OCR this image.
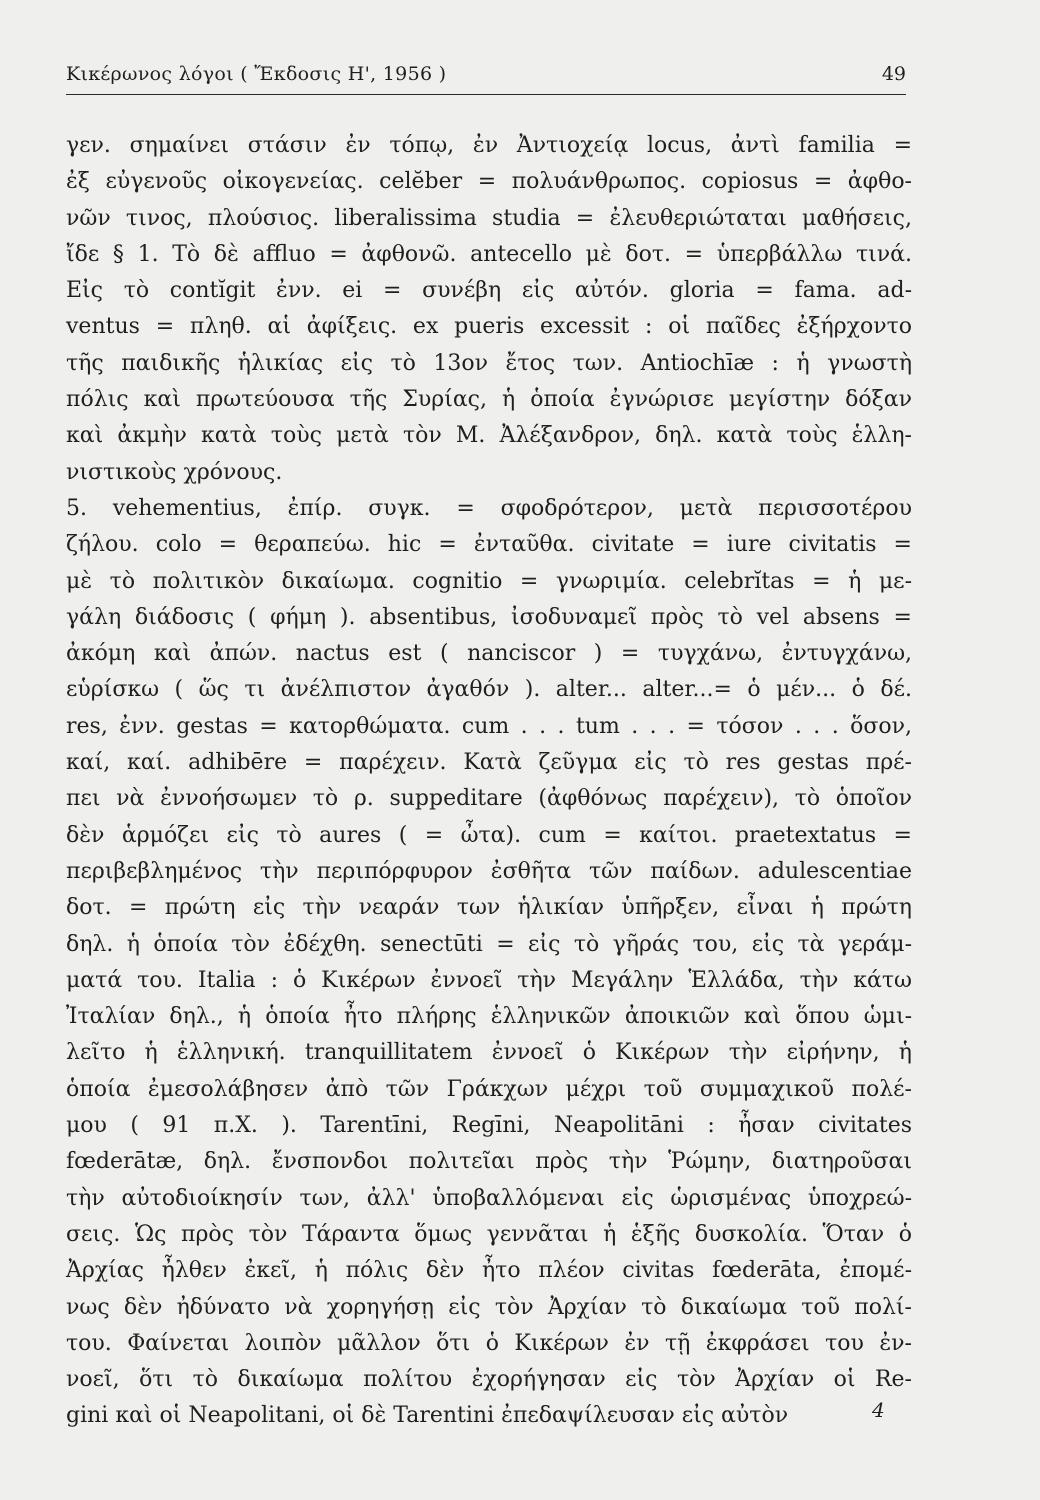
Κικέρωνος λόγοι ( Ἔκδοσις Η', 1956 )	49
γεν. σημαίνει στάσιν ἐν τόπῳ, ἐν Ἀντιοχείᾳ locus, ἀντὶ familia =
ἐξ εὐγενοῦς οἰκογενείας. celĕber = πολυάνθρωπος. copiosus = ἀφθο-
νῶν τινος, πλούσιος. liberalissima studia = ἐλευθεριώταται μαθήσεις,
ἴδε § 1. Τὸ δὲ affluo = ἀφθονῶ. antecello μὲ δοτ. = ὑπερβάλλω τινά.
Εἰς τὸ contĭgit ἐνν. ei = συνέβη εἰς αὐτόν. gloria = fama. ad-
ventus = πληθ. αἱ ἀφίξεις. ex pueris excessit : οἱ παῖδες ἐξήρχοντο
τῆς παιδικῆς ἡλικίας εἰς τὸ 13ον ἔτος των. Antiochīæ : ἡ γνωστὴ
πόλις καὶ πρωτεύουσα τῆς Συρίας, ἡ ὁποία ἐγνώρισε μεγίστην δόξαν
καὶ ἀκμὴν κατὰ τοὺς μετὰ τὸν Μ. Ἀλέξανδρον, δηλ. κατὰ τοὺς ἑλλη-
νιστικοὺς χρόνους.
5. vehementius, ἐπίρ. συγκ. = σφοδρότερον, μετὰ περισσοτέρου
ζήλου. colo = θεραπεύω. hic = ἐνταῦθα. civitate = iure civitatis =
μὲ τὸ πολιτικὸν δικαίωμα. cognitio = γνωριμία. celebrĭtas = ἡ με-
γάλη διάδοσις ( φήμη ). absentibus, ἰσοδυναμεῖ πρὸς τὸ vel absens =
ἀκόμη καὶ ἀπών. nactus est ( nanciscor ) = τυγχάνω, ἐντυγχάνω,
εὑρίσκω ( ὥς τι ἀνέλπιστον ἀγαθόν ). alter... alter...= ὁ μέν... ὁ δέ.
res, ἐνν. gestas = κατορθώματα. cum . . . tum . . . = τόσον . . . ὅσον,
καί, καί. adhibēre = παρέχειν. Κατὰ ζεῦγμα εἰς τὸ res gestas πρέ-
πει νὰ ἐννοήσωμεν τὸ ρ. suppeditare (ἀφθόνως παρέχειν), τὸ ὁποῖον
δὲν ἁρμόζει εἰς τὸ aures ( = ὦτα). cum = καίτοι. praetextatus =
περιβεβλημένος τὴν περιπόρφυρον ἐσθῆτα τῶν παίδων. adulescentiae
δοτ. = πρώτη εἰς τὴν νεαράν των ἡλικίαν ὑπῆρξεν, εἶναι ἡ πρώτη
δηλ. ἡ ὁποία τὸν ἐδέχθη. senectūti = εἰς τὸ γῆράς του, εἰς τὰ γεράμ-
ματά του. Italia : ὁ Κικέρων ἐννοεῖ τὴν Μεγάλην Ἑλλάδα, τὴν κάτω
Ἰταλίαν δηλ., ἡ ὁποία ἦτο πλήρης ἑλληνικῶν ἀποικιῶν καὶ ὅπου ὡμι-
λεῖτο ἡ ἑλληνική. tranquillitatem ἐννοεῖ ὁ Κικέρων τὴν εἰρήνην, ἡ
ὁποία ἐμεσολάβησεν ἀπὸ τῶν Γράκχων μέχρι τοῦ συμμαχικοῦ πολέ-
μου ( 91 π.Χ. ). Tarentīni, Regīni, Neapolitāni : ἦσαν civitates
fœderātæ, δηλ. ἔνσπονδοι πολιτεῖαι πρὸς τὴν Ῥώμην, διατηροῦσαι
τὴν αὐτοδιοίκησίν των, ἀλλ' ὑποβαλλόμεναι εἰς ὡρισμένας ὑποχρεώ-
σεις. Ὡς πρὸς τὸν Τάραντα ὅμως γεννᾶται ἡ ἑξῆς δυσκολία. Ὅταν ὁ
Ἀρχίας ἦλθεν ἐκεῖ, ἡ πόλις δὲν ἦτο πλέον civitas fœderāta, ἐπομέ-
νως δὲν ἠδύνατο νὰ χορηγήσῃ εἰς τὸν Ἀρχίαν τὸ δικαίωμα τοῦ πολί-
του. Φαίνεται λοιπὸν μᾶλλον ὅτι ὁ Κικέρων ἐν τῇ ἐκφράσει του ἐν-
νοεῖ, ὅτι τὸ δικαίωμα πολίτου ἐχορήγησαν εἰς τὸν Ἀρχίαν οἱ Re-
gini καὶ οἱ Neapolitani, οἱ δὲ Tarentini ἐπεδαψίλευσαν εἰς αὐτὸν	4
